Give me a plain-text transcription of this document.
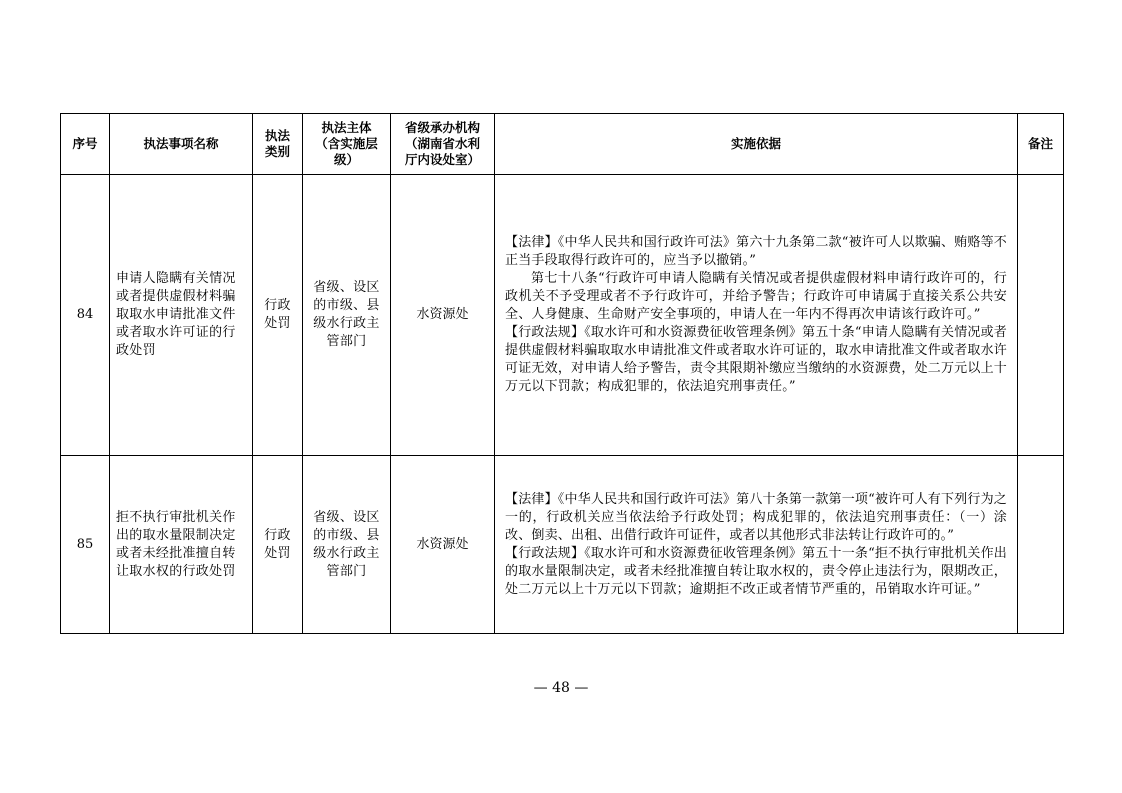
序号	执法事项名称	执法类别	执法主体（含实施层级）	省级承办机构（湖南省水利厅内设处室）	实施依据	备注
84	申请人隐瞒有关情况或者提供虚假材料骗取取水申请批准文件或者取水许可证的行政处罚	行政处罚	省级、设区的市级、县级水行政主管部门	水资源处	【法律】《中华人民共和国行政许可法》第六十九条第二款“被许可人以欺骗、贿赂等不正当手段取得行政许可的，应当予以撤销。”

第七十八条“行政许可申请人隐瞒有关情况或者提供虚假材料申请行政许可的，行政机关不予受理或者不予行政许可，并给予警告；行政许可申请属于直接关系公共安全、人身健康、生命财产安全事项的，申请人在一年内不得再次申请该行政许可。”

【行政法规】《取水许可和水资源费征收管理条例》第五十条“申请人隐瞒有关情况或者提供虚假材料骗取取水申请批准文件或者取水许可证的，取水申请批准文件或者取水许可证无效，对申请人给予警告，责令其限期补缴应当缴纳的水资源费，处二万元以上十万元以下罚款；构成犯罪的，依法追究刑事责任。”	

85	拒不执行审批机关作出的取水量限制决定或者未经批准擅自转让取水权的行政处罚	行政处罚	省级、设区的市级、县级水行政主管部门	水资源处	【法律】《中华人民共和国行政许可法》第八十条第一款第一项“被许可人有下列行为之一的，行政机关应当依法给予行政处罚；构成犯罪的，依法追究刑事责任：（一）涂改、倒卖、出租、出借行政许可证件，或者以其他形式非法转让行政许可的。”

【行政法规】《取水许可和水资源费征收管理条例》第五十一条“拒不执行审批机关作出的取水量限制决定，或者未经批准擅自转让取水权的，责令停止违法行为，限期改正，处二万元以上十万元以下罚款；逾期拒不改正或者情节严重的，吊销取水许可证。”	

— 48 —
